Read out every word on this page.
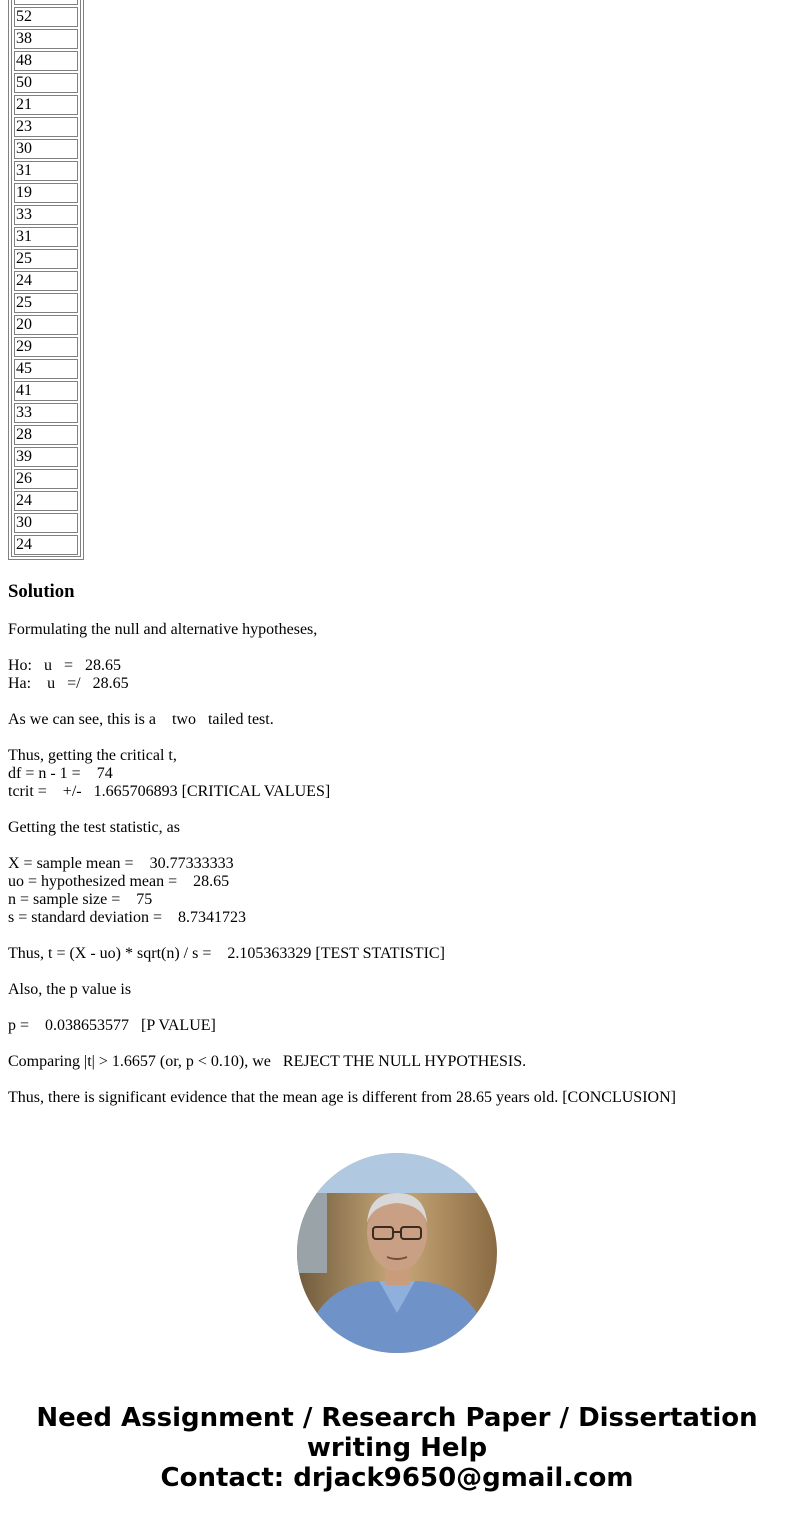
52
38
48
50
21
23
30
31
19
33
31
25
24
25
20
29
45
41
33
28
39
26
24
30
24
Solution

Formulating the null and alternative hypotheses,

Ho:   u   =   28.65

Ha:    u   =/   28.65

As we can see, this is a    two   tailed test.

Thus, getting the critical t,

df = n - 1 =    74

tcrit =    +/-   1.665706893 [CRITICAL VALUES]

Getting the test statistic, as

X = sample mean =    30.77333333

uo = hypothesized mean =    28.65

n = sample size =    75

s = standard deviation =    8.7341723

Thus, t = (X - uo) * sqrt(n) / s =    2.105363329 [TEST STATISTIC]

Also, the p value is

p =    0.038653577   [P VALUE]

Comparing |t| > 1.6657 (or, p < 0.10), we   REJECT THE NULL HYPOTHESIS.

Thus, there is significant evidence that the mean age is different from 28.65 years old. [CONCLUSION]

Need Assignment / Research Paper / Dissertation
writing Help
Contact: drjack9650@gmail.com
